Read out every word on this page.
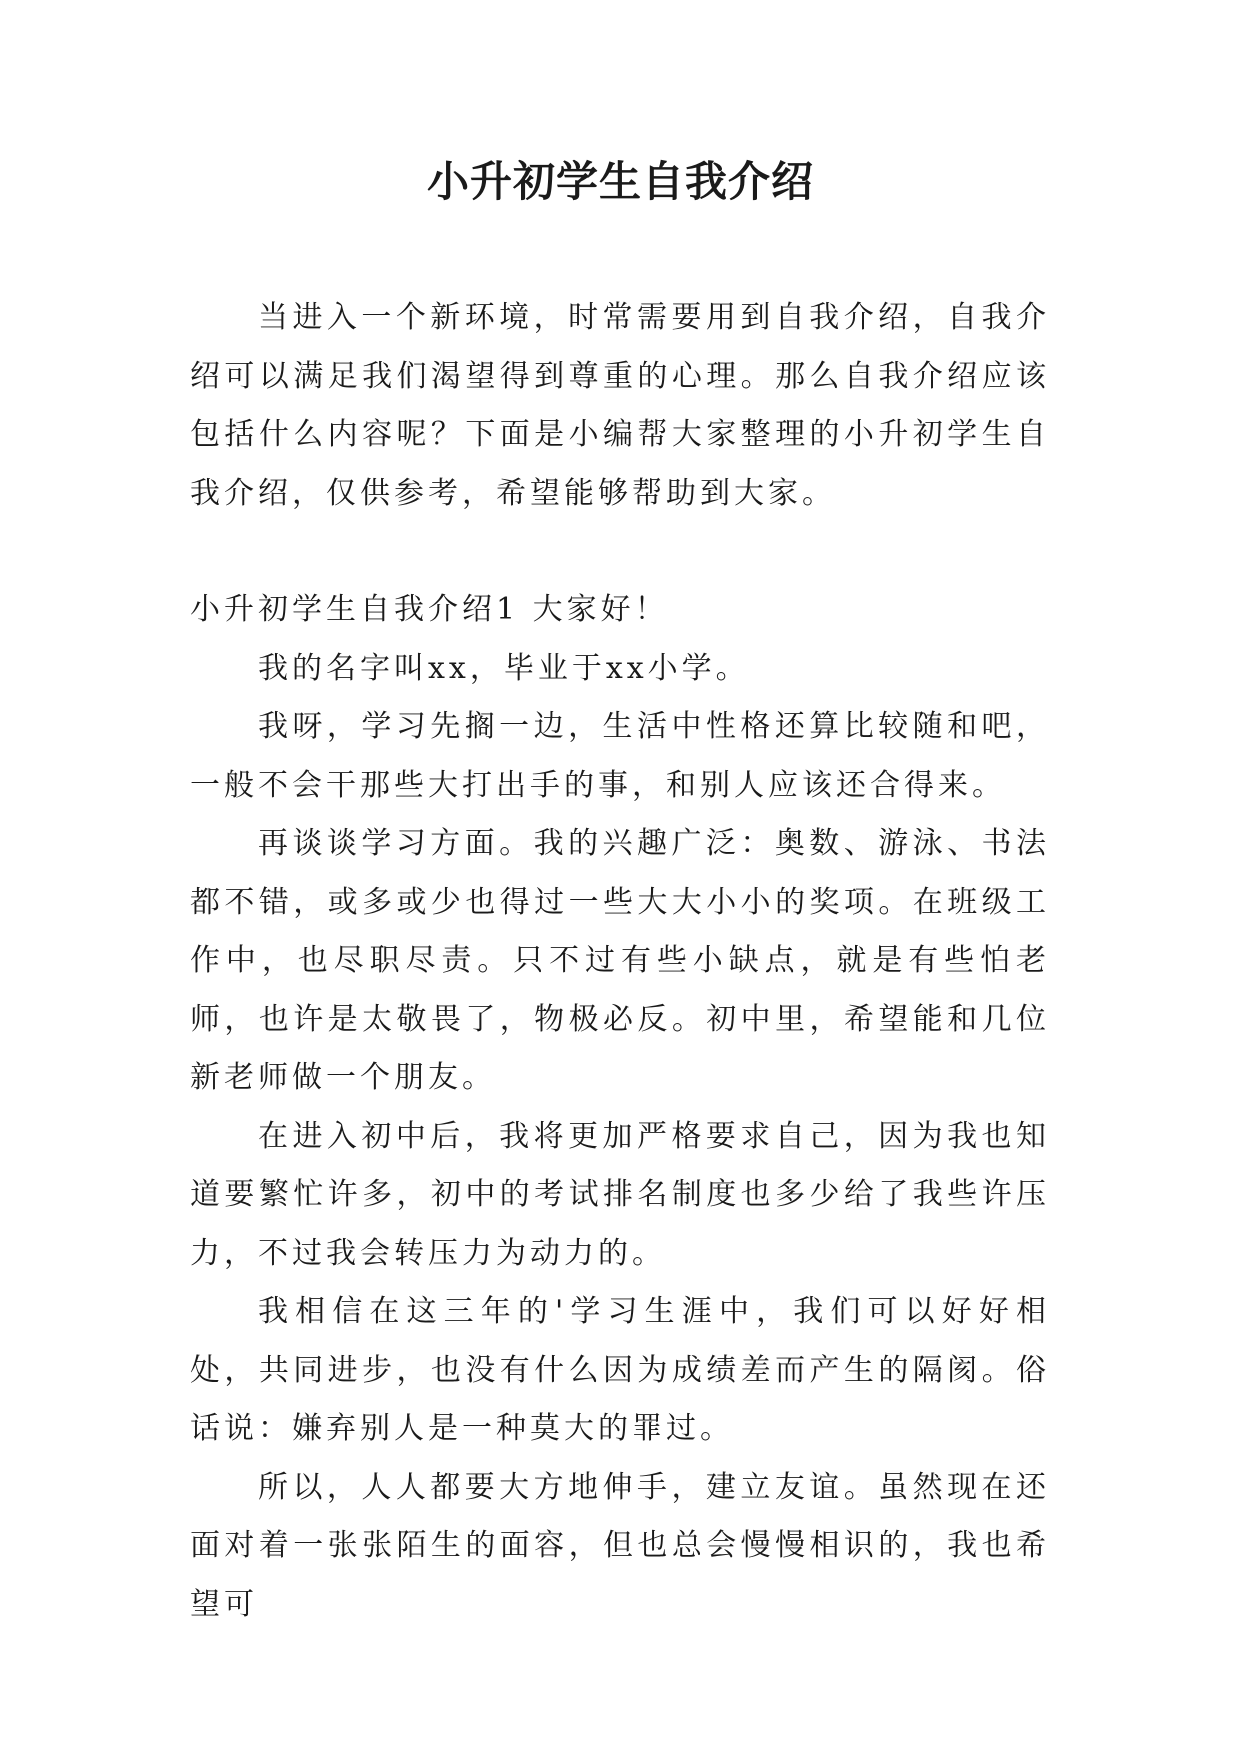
小升初学生自我介绍

当进入一个新环境，时常需要用到自我介绍，自我介绍可以满足我们渴望得到尊重的心理。那么自我介绍应该包括什么内容呢？下面是小编帮大家整理的小升初学生自我介绍，仅供参考，希望能够帮助到大家。

小升初学生自我介绍1 大家好！

我的名字叫xx，毕业于xx小学。

我呀，学习先搁一边，生活中性格还算比较随和吧，一般不会干那些大打出手的事，和别人应该还合得来。

再谈谈学习方面。我的兴趣广泛：奥数、游泳、书法都不错，或多或少也得过一些大大小小的奖项。在班级工作中，也尽职尽责。只不过有些小缺点，就是有些怕老师，也许是太敬畏了，物极必反。初中里，希望能和几位新老师做一个朋友。

在进入初中后，我将更加严格要求自己，因为我也知道要繁忙许多，初中的考试排名制度也多少给了我些许压力，不过我会转压力为动力的。

我相信在这三年的'学习生涯中，我们可以好好相处，共同进步，也没有什么因为成绩差而产生的隔阂。俗话说：嫌弃别人是一种莫大的罪过。

所以，人人都要大方地伸手，建立友谊。虽然现在还面对着一张张陌生的面容，但也总会慢慢相识的，我也希望可
